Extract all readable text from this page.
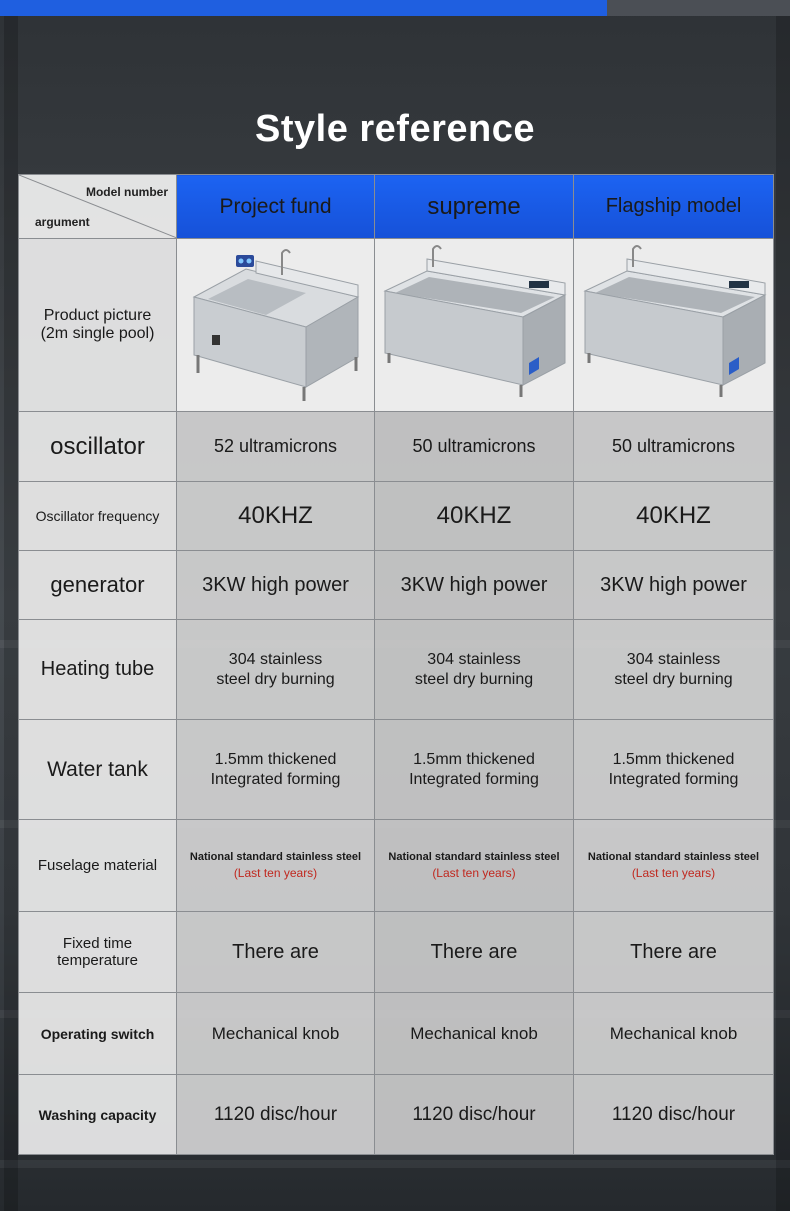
Style reference
Model number
argument	Project fund	supreme	Flagship model

Product picture
(2m single pool)

oscillator	52 ultramicrons	50 ultramicrons	50 ultramicrons
Oscillator frequency	40KHZ	40KHZ	40KHZ
generator	3KW high power	3KW high power	3KW high power
Heating tube	304 stainless
steel dry burning	304 stainless
steel dry burning	304 stainless
steel dry burning

Water tank	1.5mm thickened
Integrated forming	1.5mm thickened
Integrated forming	1.5mm thickened
Integrated forming

Fuselage material	National standard stainless steel
(Last ten years)	National standard stainless steel
(Last ten years)	National standard stainless steel
(Last ten years)

Fixed time
temperature	There are	There are	There are
Operating switch	Mechanical knob	Mechanical knob	Mechanical knob
Washing capacity	1120 disc/hour	1120 disc/hour	1120 disc/hour
